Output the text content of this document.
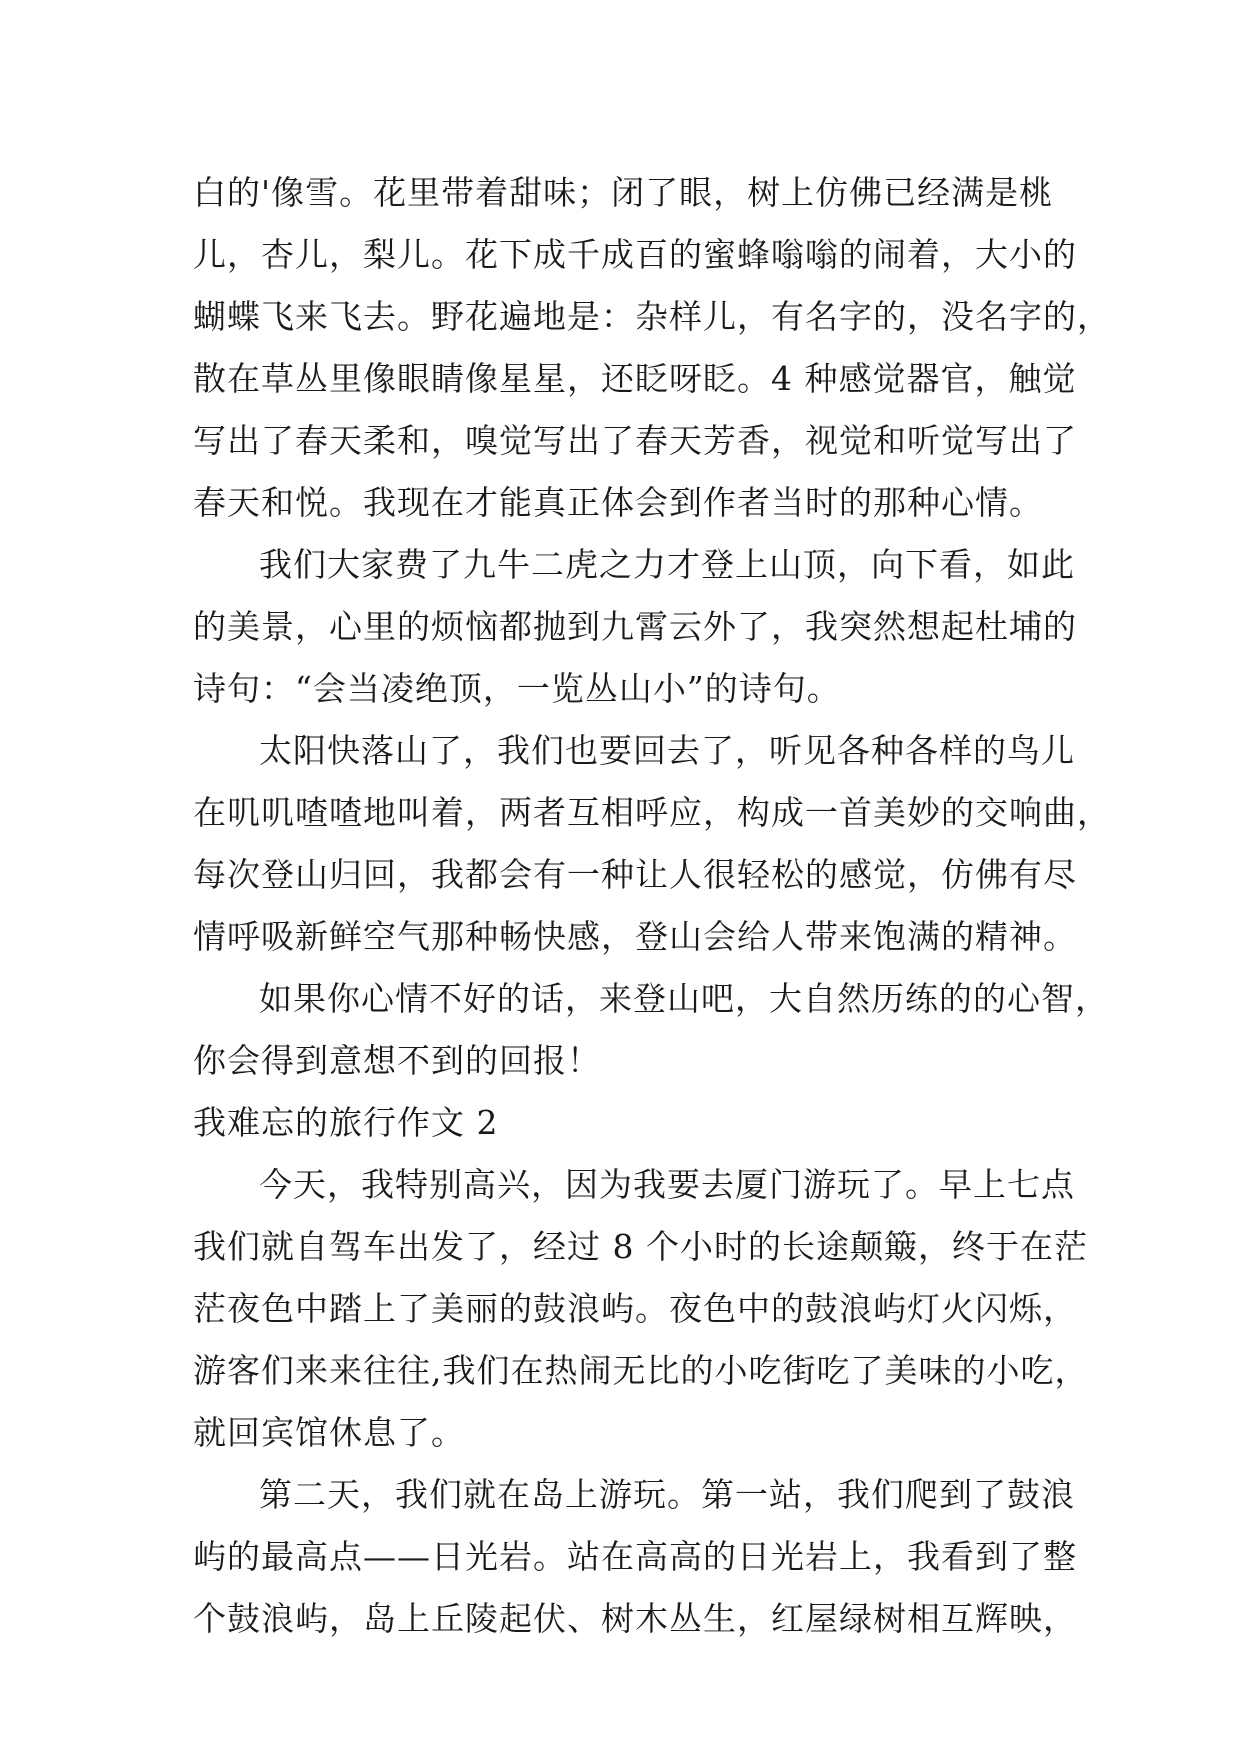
白的'像雪。花里带着甜味；闭了眼，树上仿佛已经满是桃
儿，杏儿，梨儿。花下成千成百的蜜蜂嗡嗡的闹着，大小的
蝴蝶飞来飞去。野花遍地是：杂样儿，有名字的，没名字的，
散在草丛里像眼睛像星星，还眨呀眨。4 种感觉器官，触觉
写出了春天柔和，嗅觉写出了春天芳香，视觉和听觉写出了
春天和悦。我现在才能真正体会到作者当时的那种心情。
我们大家费了九牛二虎之力才登上山顶，向下看，如此
的美景，心里的烦恼都抛到九霄云外了，我突然想起杜埔的
诗句：“会当凌绝顶，一览丛山小”的诗句。
太阳快落山了，我们也要回去了，听见各种各样的鸟儿
在叽叽喳喳地叫着，两者互相呼应，构成一首美妙的交响曲，
每次登山归回，我都会有一种让人很轻松的感觉，仿佛有尽
情呼吸新鲜空气那种畅快感，登山会给人带来饱满的精神。
如果你心情不好的话，来登山吧，大自然历练的的心智，
你会得到意想不到的回报！
我难忘的旅行作文 2
今天，我特别高兴，因为我要去厦门游玩了。早上七点
我们就自驾车出发了，经过 8 个小时的长途颠簸，终于在茫
茫夜色中踏上了美丽的鼓浪屿。夜色中的鼓浪屿灯火闪烁，
游客们来来往往,我们在热闹无比的小吃街吃了美味的小吃，
就回宾馆休息了。
第二天，我们就在岛上游玩。第一站，我们爬到了鼓浪
屿的最高点——日光岩。站在高高的日光岩上，我看到了整
个鼓浪屿，岛上丘陵起伏、树木丛生，红屋绿树相互辉映，
